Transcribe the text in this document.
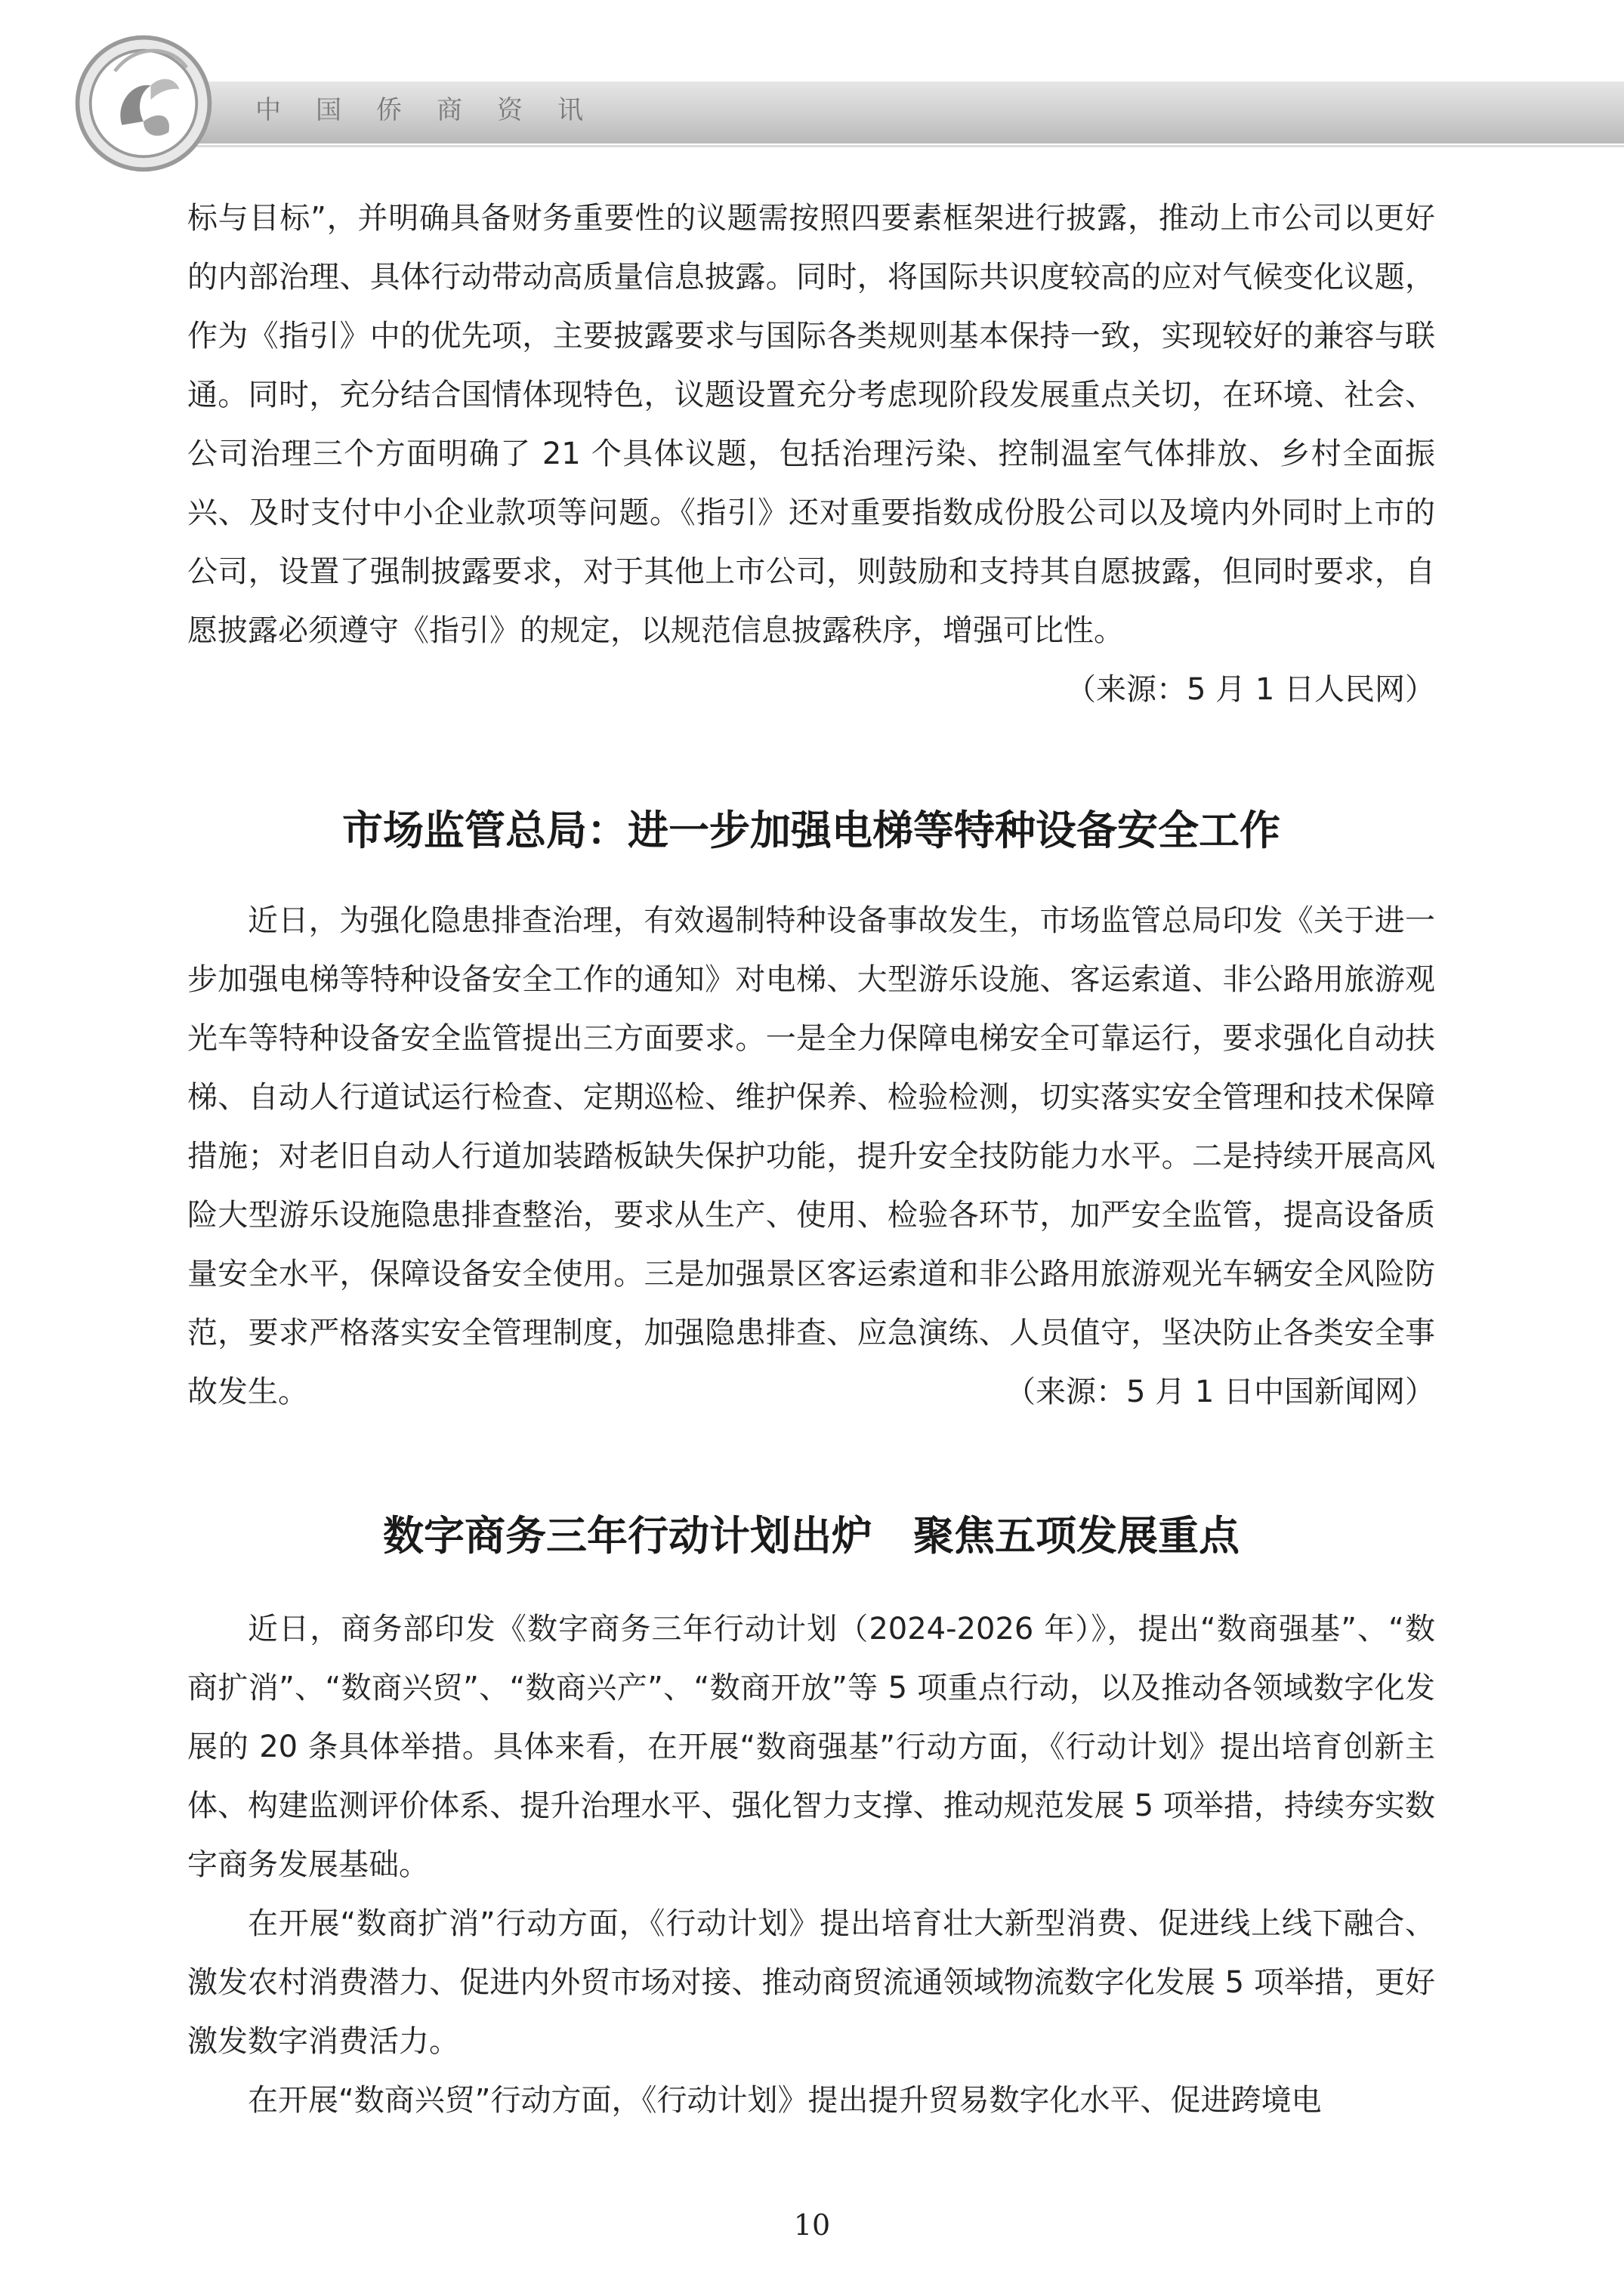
中国侨商资讯

标与目标”，并明确具备财务重要性的议题需按照四要素框架进行披露，推动上市公司以更好的内部治理、具体行动带动高质量信息披露。同时，将国际共识度较高的应对气候变化议题，作为《指引》中的优先项，主要披露要求与国际各类规则基本保持一致，实现较好的兼容与联通。同时，充分结合国情体现特色，议题设置充分考虑现阶段发展重点关切，在环境、社会、公司治理三个方面明确了 21 个具体议题，包括治理污染、控制温室气体排放、乡村全面振兴、及时支付中小企业款项等问题。《指引》还对重要指数成份股公司以及境内外同时上市的公司，设置了强制披露要求，对于其他上市公司，则鼓励和支持其自愿披露，但同时要求，自愿披露必须遵守《指引》的规定，以规范信息披露秩序，增强可比性。

（来源：5 月 1 日人民网）

市场监管总局：进一步加强电梯等特种设备安全工作

近日，为强化隐患排查治理，有效遏制特种设备事故发生，市场监管总局印发《关于进一步加强电梯等特种设备安全工作的通知》对电梯、大型游乐设施、客运索道、非公路用旅游观光车等特种设备安全监管提出三方面要求。一是全力保障电梯安全可靠运行，要求强化自动扶梯、自动人行道试运行检查、定期巡检、维护保养、检验检测，切实落实安全管理和技术保障措施；对老旧自动人行道加装踏板缺失保护功能，提升安全技防能力水平。二是持续开展高风险大型游乐设施隐患排查整治，要求从生产、使用、检验各环节，加严安全监管，提高设备质量安全水平，保障设备安全使用。三是加强景区客运索道和非公路用旅游观光车辆安全风险防范，要求严格落实安全管理制度，加强隐患排查、应急演练、人员值守，坚决防止各类安全事故发生。	（来源：5 月 1 日中国新闻网）

数字商务三年行动计划出炉　聚焦五项发展重点

近日，商务部印发《数字商务三年行动计划（2024-2026 年）》，提出“数商强基”、“数商扩消”、“数商兴贸”、“数商兴产”、“数商开放”等 5 项重点行动，以及推动各领域数字化发展的 20 条具体举措。具体来看，在开展“数商强基”行动方面，《行动计划》提出培育创新主体、构建监测评价体系、提升治理水平、强化智力支撑、推动规范发展 5 项举措，持续夯实数字商务发展基础。

在开展“数商扩消”行动方面，《行动计划》提出培育壮大新型消费、促进线上线下融合、激发农村消费潜力、促进内外贸市场对接、推动商贸流通领域物流数字化发展 5 项举措，更好激发数字消费活力。

在开展“数商兴贸”行动方面，《行动计划》提出提升贸易数字化水平、促进跨境电

10
